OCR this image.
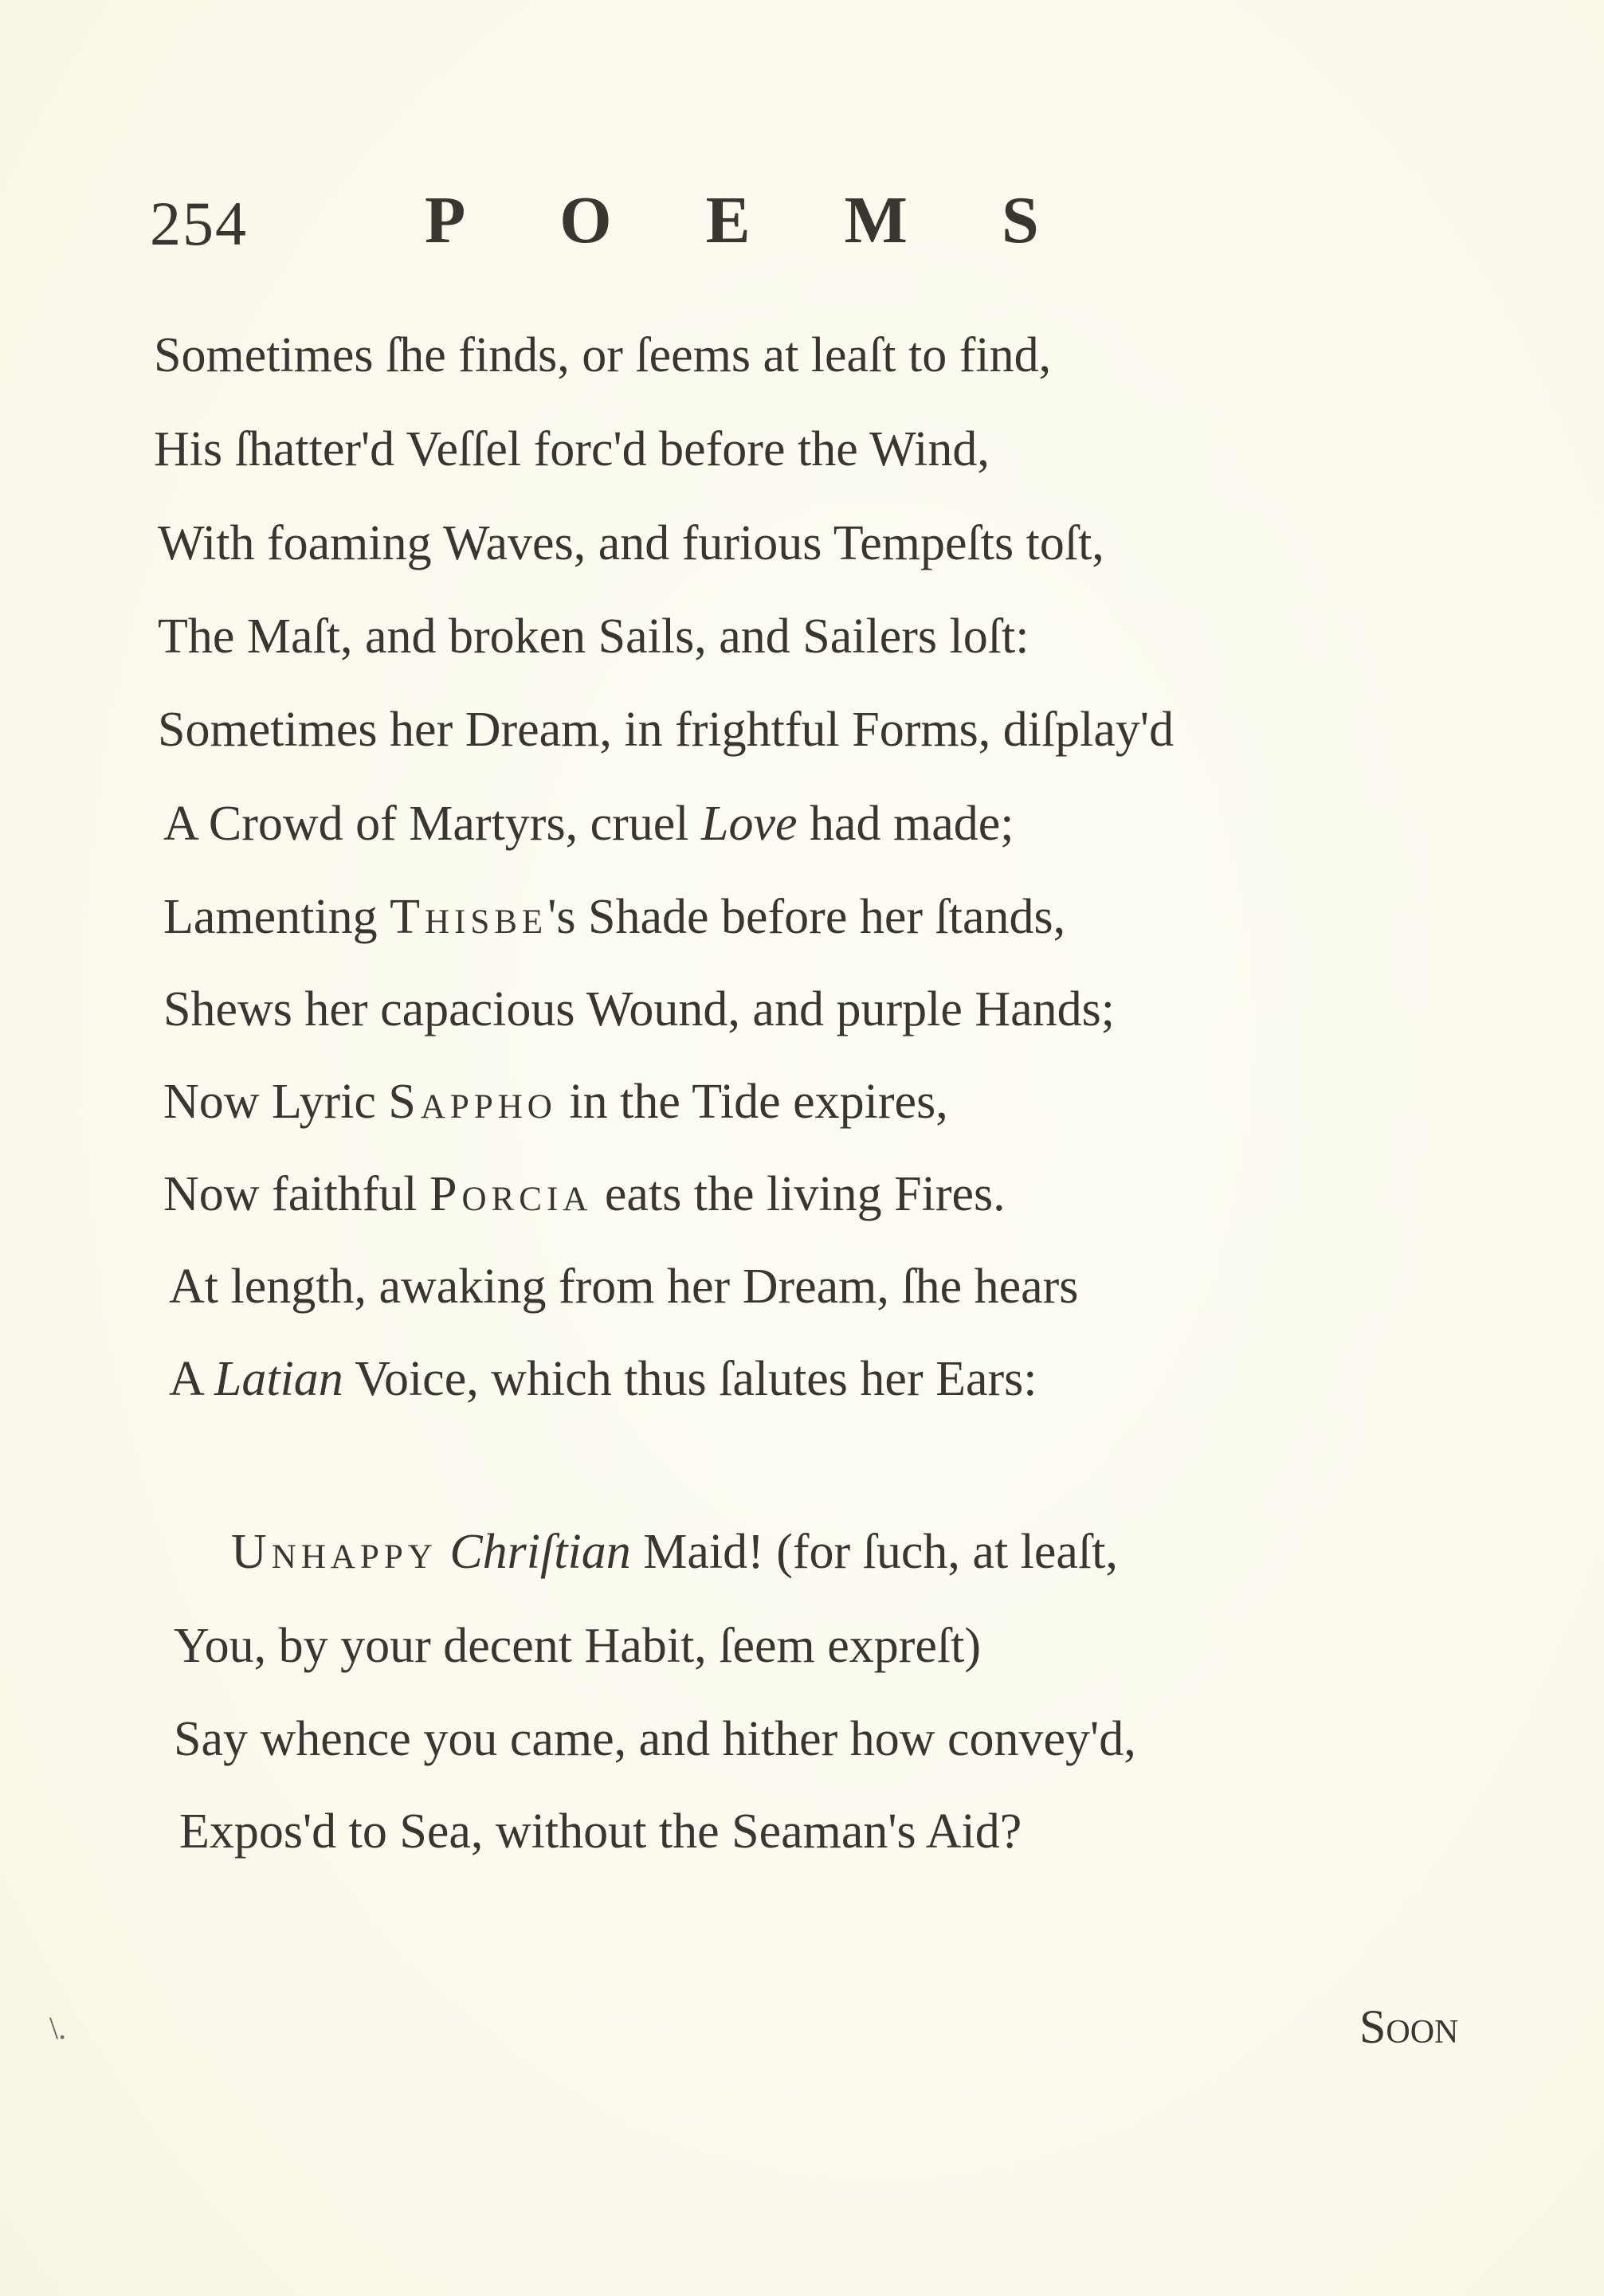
254	POEMS
Sometimes ſhe finds, or ſeems at leaſt to find,
His ſhatter'd Veſſel forc'd before the Wind,
With foaming Waves, and furious Tempeſts toſt,
The Maſt, and broken Sails, and Sailers loſt:
Sometimes her Dream, in frightful Forms, diſplay'd
A Crowd of Martyrs, cruel Love had made;
Lamenting Thisbe's Shade before her ſtands,
Shews her capacious Wound, and purple Hands;
Now Lyric Sappho in the Tide expires,
Now faithful Porcia eats the living Fires.
At length, awaking from her Dream, ſhe hears
A Latian Voice, which thus ſalutes her Ears:
Unhappy Chriſtian Maid! (for ſuch, at leaſt,
You, by your decent Habit, ſeem expreſt)
Say whence you came, and hither how convey'd,
Expos'd to Sea, without the Seaman's Aid?
\.	Soon
